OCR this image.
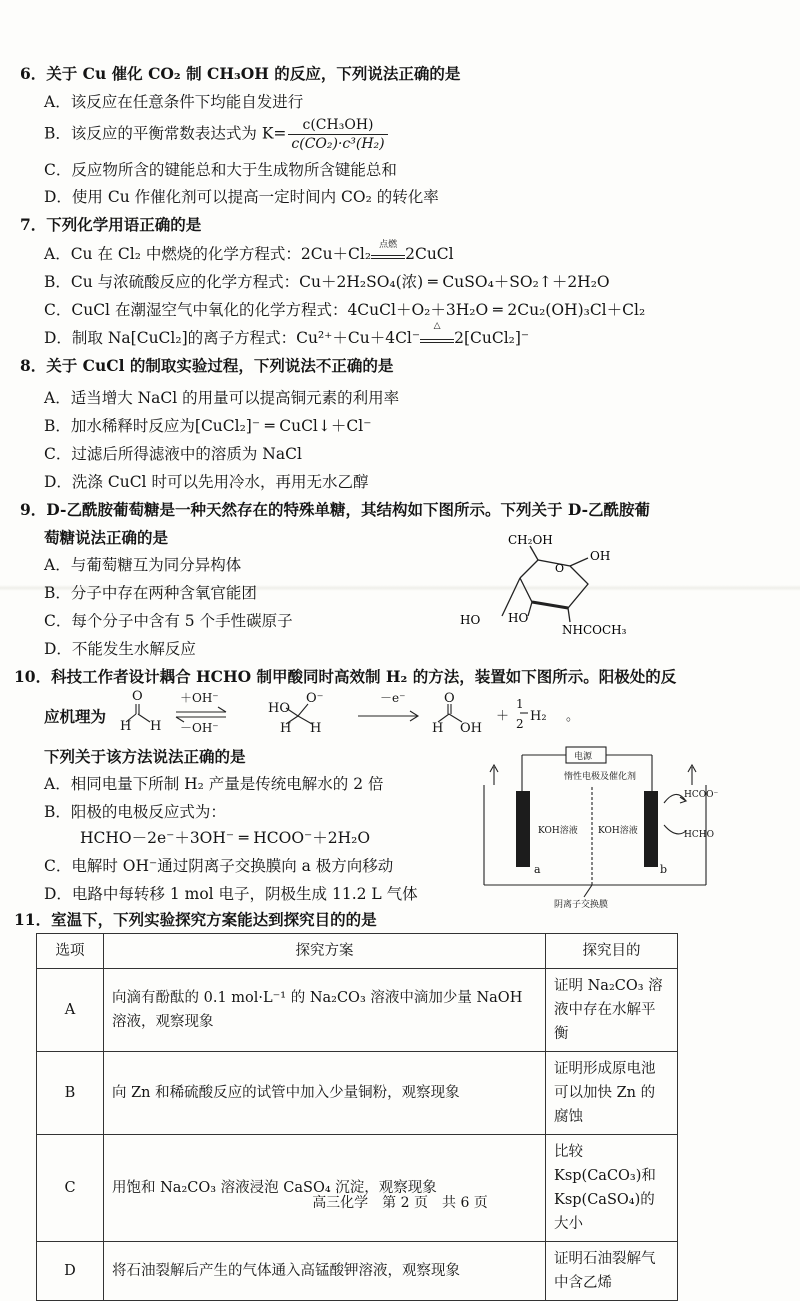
6．关于 Cu 催化 CO₂ 制 CH₃OH 的反应，下列说法正确的是
A．该反应在任意条件下均能自发进行
B．该反应的平衡常数表达式为 $K= \frac{\text{c(CH₃OH)}}{\text{c(CO₂)·c³(H₂)}}$
C．反应物所含的键能总和大于生成物所含键能总和
D．使用 Cu 作催化剂可以提高一定时间内 CO₂ 的转化率
7．下列化学用语正确的是
A．Cu 在 Cl₂ 中燃烧的化学方程式：2Cu＋Cl₂ 点燃 2CuCl
B．Cu 与浓硫酸反应的化学方程式：Cu＋2H₂SO₄(浓) ═ CuSO₄＋SO₂↑＋2H₂O
C．CuCl 在潮湿空气中氧化的化学方程式：4CuCl＋O₂＋3H₂O ═ 2Cu₂(OH)₃Cl＋Cl₂
D．制取 Na[CuCl₂]的离子方程式：Cu²⁺＋Cu＋4Cl⁻
△
2[CuCl₂]⁻
8．关于 CuCl 的制取实验过程，下列说法不正确的是
A．适当增大 NaCl 的用量可以提高铜元素的利用率
B．加水稀释时反应为[CuCl₂]⁻ ═ CuCl↓＋Cl⁻
C．过滤后所得滤液中的溶质为 NaCl
D．洗涤 CuCl 时可以先用冷水，再用无水乙醇
9．D-乙酰胺葡萄糖是一种天然存在的特殊单糖，其结构如下图所示。下列关于 D-乙酰胺葡
萄糖说法正确的是
A．与葡萄糖互为同分异构体
B．分子中存在两种含氧官能团
C．每个分子中含有 5 个手性碳原子
D．不能发生水解反应
CH₂OH
OH
O
HO HO
NHCOCH₃
10．科技工作者设计耦合 HCHO 制甲酸同时高效制 H₂ 的方法，装置如下图所示。阳极处的反
应机理为
O
H H
＋OH⁻
－OH⁻
HO
O⁻
H H
－e⁻	O
H OH
＋
1
2 H₂ 。
下列关于该方法说法正确的是
A．相同电量下所制 H₂ 产量是传统电解水的 2 倍
B．阳极的电极反应式为：
HCHO－2e⁻＋3OH⁻ ═ HCOO⁻＋2H₂O
C．电解时 OH⁻通过阴离子交换膜向 a 极方向移动
D．电路中每转移 1 mol 电子，阴极生成 11.2 L 气体
电源
惰性电极及催化剂
KOH溶液 KOH溶液
a	b
HCOO⁻
HCHO
阴离子交换膜
11．室温下，下列实验探究方案能达到探究目的的是
选项	探究方案	探究目的
A	向滴有酚酞的 0.1 mol·L⁻¹ 的 Na₂CO₃ 溶液中滴加少量 NaOH 溶液，观察现象	证明 Na₂CO₃ 溶液中存在水解平衡
B	向 Zn 和稀硫酸反应的试管中加入少量铜粉，观察现象	证明形成原电池可以加快 Zn 的腐蚀
C	用饱和 Na₂CO₃ 溶液浸泡 CaSO₄ 沉淀，观察现象	比较 Ksp(CaCO₃)和 Ksp(CaSO₄)的大小
D	将石油裂解后产生的气体通入高锰酸钾溶液，观察现象	证明石油裂解气中含乙烯
高三化学　第 2 页　共 6 页
